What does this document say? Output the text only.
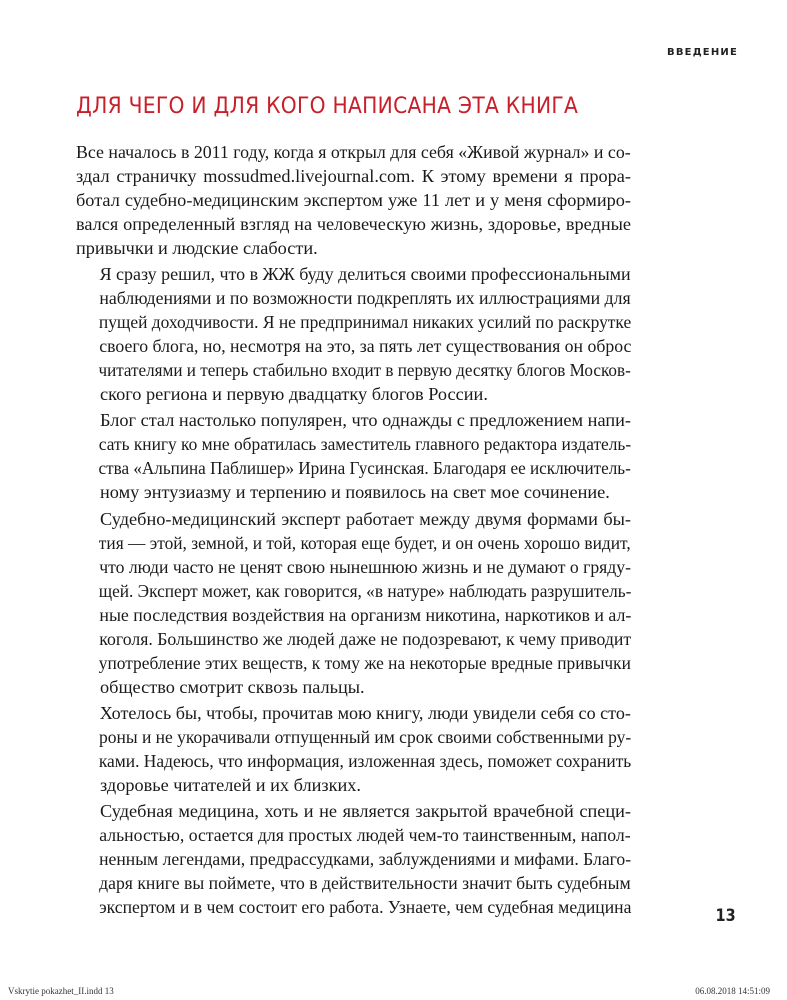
ВВЕДЕНИЕ
ДЛЯ ЧЕГО И ДЛЯ КОГО НАПИСАНА ЭТА КНИГА

Все началось в 2011 году, когда я открыл для себя «Живой журнал» и со-
здал страничку mossudmed.livejournal.com. К этому времени я прора-
ботал судебно-медицинским экспертом уже 11 лет и у меня сформиро-
вался определенный взгляд на человеческую жизнь, здоровье, вредные
привычки и людские слабости.

Я сразу решил, что в ЖЖ буду делиться своими профессиональными
наблюдениями и по возможности подкреплять их иллюстрациями для
пущей доходчивости. Я не предпринимал никаких усилий по раскрутке
своего блога, но, несмотря на это, за пять лет существования он оброс
читателями и теперь стабильно входит в первую десятку блогов Москов-
ского региона и первую двадцатку блогов России.

Блог стал настолько популярен, что однажды с предложением напи-
сать книгу ко мне обратилась заместитель главного редактора издатель-
ства «Альпина Паблишер» Ирина Гусинская. Благодаря ее исключитель-
ному энтузиазму и терпению и появилось на свет мое сочинение.

Судебно-медицинский эксперт работает между двумя формами бы-
тия — этой, земной, и той, которая еще будет, и он очень хорошо видит,
что люди часто не ценят свою нынешнюю жизнь и не думают о гряду-
щей. Эксперт может, как говорится, «в натуре» наблюдать разрушитель-
ные последствия воздействия на организм никотина, наркотиков и ал-
коголя. Большинство же людей даже не подозревают, к чему приводит
употребление этих веществ, к тому же на некоторые вредные привычки
общество смотрит сквозь пальцы.

Хотелось бы, чтобы, прочитав мою книгу, люди увидели себя со сто-
роны и не укорачивали отпущенный им срок своими собственными ру-
ками. Надеюсь, что информация, изложенная здесь, поможет сохранить
здоровье читателей и их близких.

Судебная медицина, хоть и не является закрытой врачебной специ-
альностью, остается для простых людей чем-то таинственным, напол-
ненным легендами, предрассудками, заблуждениями и мифами. Благо-
даря книге вы поймете, что в действительности значит быть судебным
экспертом и в чем состоит его работа. Узнаете, чем судебная медицина	13
Vskrytie pokazhet_II.indd 13	06.08.2018 14:51:09
